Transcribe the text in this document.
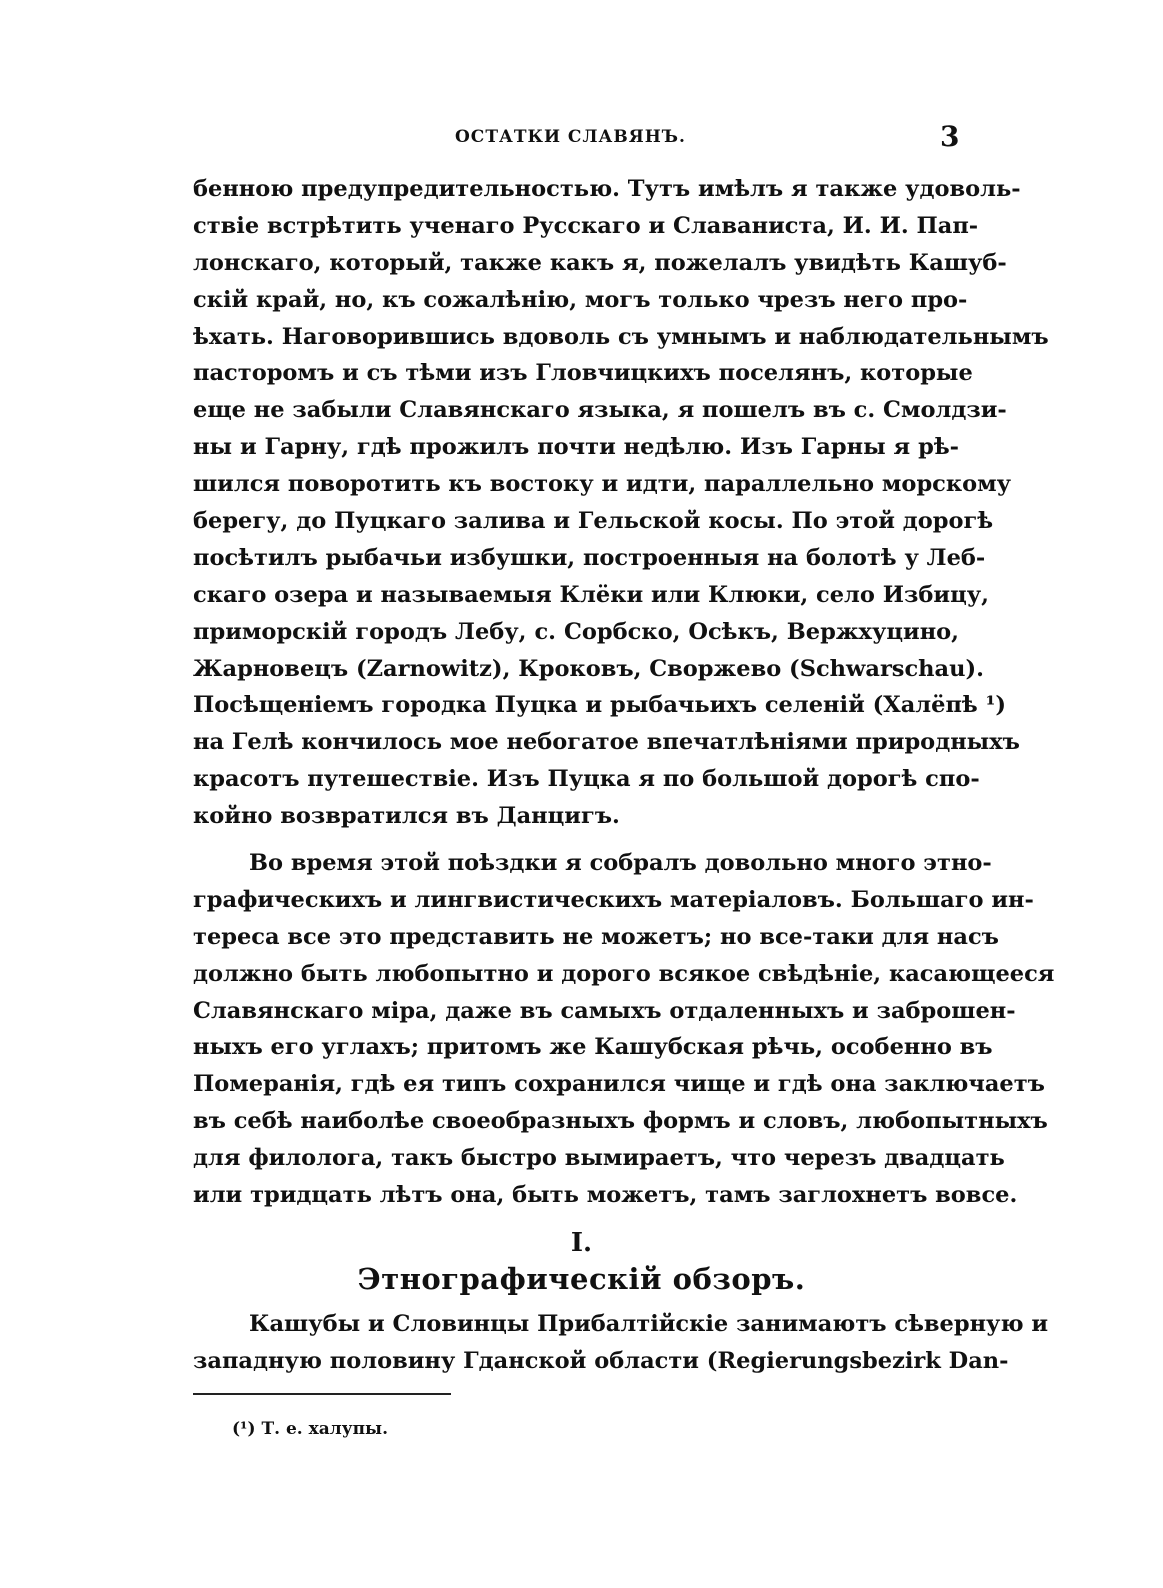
ОСТАТКИ СЛАВЯНЪ.	3
бенною предупредительностью. Тутъ имѣлъ я также удоволь-
ствіе встрѣтить ученаго Русскаго и Славаниста, И. И. Пап-
лонскаго, который, также какъ я, пожелалъ увидѣть Кашуб-
скій край, но, къ сожалѣнію, могъ только чрезъ него про-
ѣхать. Наговорившись вдоволь съ умнымъ и наблюдательнымъ
пасторомъ и съ тѣми изъ Гловчицкихъ поселянъ, которые
еще не забыли Славянскаго языка, я пошелъ въ с. Смолдзи-
ны и Гарну, гдѣ прожилъ почти недѣлю. Изъ Гарны я рѣ-
шился поворотить къ востоку и идти, параллельно морскому
берегу, до Пуцкаго залива и Гельской косы. По этой дорогѣ
посѣтилъ рыбачьи избушки, построенныя на болотѣ у Леб-
скаго озера и называемыя Клёки или Клюки, село Избицу,
приморскій городъ Лебу, с. Сорбско, Осѣкъ, Вержхуцино,
Жарновецъ (Zarnowitz), Кроковъ, Своржево (Schwarschau).
Посѣщеніемъ городка Пуцка и рыбачьихъ селеній (Халёпѣ ¹)
на Гелѣ кончилось мое небогатое впечатлѣніями природныхъ
красотъ путешествіе. Изъ Пуцка я по большой дорогѣ спо-
койно возвратился въ Данцигъ.
Во время этой поѣздки я собралъ довольно много этно-
графическихъ и лингвистическихъ матеріаловъ. Большаго ин-
тереса все это представить не можетъ; но все-таки для насъ
должно быть любопытно и дорого всякое свѣдѣніе, касающееся
Славянскаго міра, даже въ самыхъ отдаленныхъ и заброшен-
ныхъ его углахъ; притомъ же Кашубская рѣчь, особенно въ
Померанія, гдѣ ея типъ сохранился чище и гдѣ она заключаетъ
въ себѣ наиболѣе своеобразныхъ формъ и словъ, любопытныхъ
для филолога, такъ быстро вымираетъ, что черезъ двадцать
или тридцать лѣтъ она, быть можетъ, тамъ заглохнетъ вовсе.
I.
Этнографическій обзоръ.
Кашубы и Словинцы Прибалтійскіе занимаютъ сѣверную и
западную половину Гданской области (Regierungsbezirk Dan-
(¹) Т. е. халупы.
